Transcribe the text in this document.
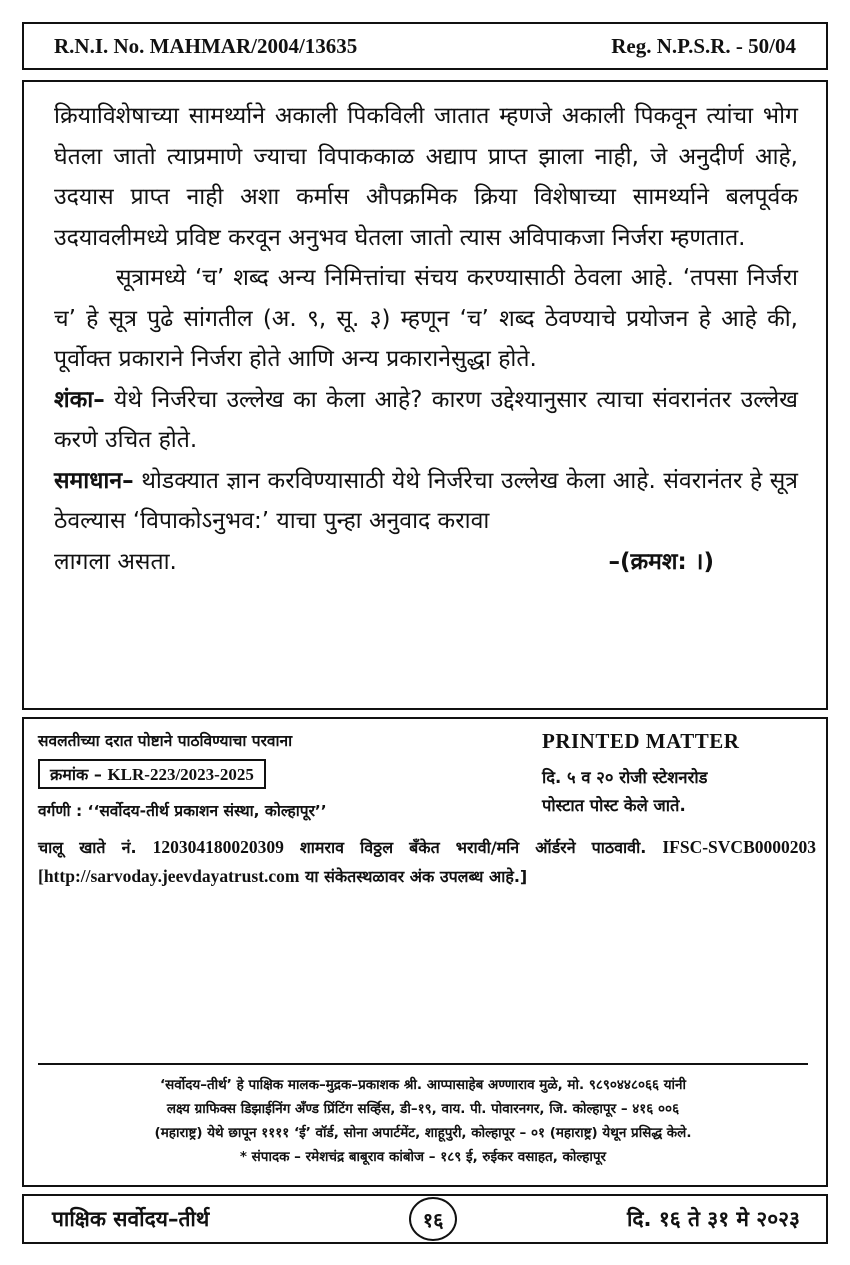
R.N.I. No. MAHMAR/2004/13635	Reg. N.P.S.R. - 50/04

क्रियाविशेषाच्या सामर्थ्याने अकाली पिकविली जातात म्हणजे अकाली पिकवून त्यांचा भोग घेतला जातो त्याप्रमाणे ज्याचा विपाककाळ अद्याप प्राप्त झाला नाही, जे अनुदीर्ण आहे, उदयास प्राप्त नाही अशा कर्मास औपक्रमिक क्रिया विशेषाच्या सामर्थ्याने बलपूर्वक उदयावलीमध्ये प्रविष्ट करवून अनुभव घेतला जातो त्यास अविपाकजा निर्जरा म्हणतात.

सूत्रामध्ये ‘च’ शब्द अन्य निमित्तांचा संचय करण्यासाठी ठेवला आहे. ‘तपसा निर्जरा च’ हे सूत्र पुढे सांगतील (अ. ९, सू. ३) म्हणून ‘च’ शब्द ठेवण्याचे प्रयोजन हे आहे की, पूर्वोक्त प्रकाराने निर्जरा होते आणि अन्य प्रकारानेसुद्धा होते.

शंका– येथे निर्जरेचा उल्लेख का केला आहे? कारण उद्देश्यानुसार त्याचा संवरानंतर उल्लेख करणे उचित होते.

समाधान– थोडक्यात ज्ञान करविण्यासाठी येथे निर्जरेचा उल्लेख केला आहे. संवरानंतर हे सूत्र ठेवल्यास ‘विपाकोऽनुभव:’ याचा पुन्हा अनुवाद करावा

लागला असता.	–(क्रमश: ।)
सवलतीच्या दरात पोष्टाने पाठविण्याचा परवाना
क्रमांक – KLR-223/2023-2025
वर्गणी : ‘‘सर्वोदय-तीर्थ प्रकाशन संस्था, कोल्हापूर’’
PRINTED MATTER
दि. ५ व २० रोजी स्टेशनरोड
पोस्टात पोस्ट केले जाते.
चालू खाते नं. 120304180020309 शामराव विठ्ठल बँकेत भरावी/मनि ऑर्डरने पाठवावी. IFSC-SVCB0000203 [http://sarvoday.jeevdayatrust.com या संकेतस्थळावर अंक उपलब्ध आहे.]
‘सर्वोदय–तीर्थ’ हे पाक्षिक मालक–मुद्रक–प्रकाशक श्री. आप्पासाहेब अण्णाराव मुळे, मो. ९८९०४४८०६६ यांनी
लक्ष्य ग्राफिक्स डिझाईनिंग अँण्ड प्रिंटिंग सर्व्हिस, डी–१९, वाय. पी. पोवारनगर, जि. कोल्हापूर – ४१६ ००६
(महाराष्ट्र) येथे छापून ११११ ‘ई’ वॉर्ड, सोना अपार्टमेंट, शाहूपुरी, कोल्हापूर – ०१ (महाराष्ट्र) येथून प्रसिद्ध केले.
* संपादक – रमेशचंद्र बाबूराव कांबोज – १८९ ई, रुईकर वसाहत, कोल्हापूर
पाक्षिक सर्वोदय–तीर्थ	१६	दि. १६ ते ३१ मे २०२३
